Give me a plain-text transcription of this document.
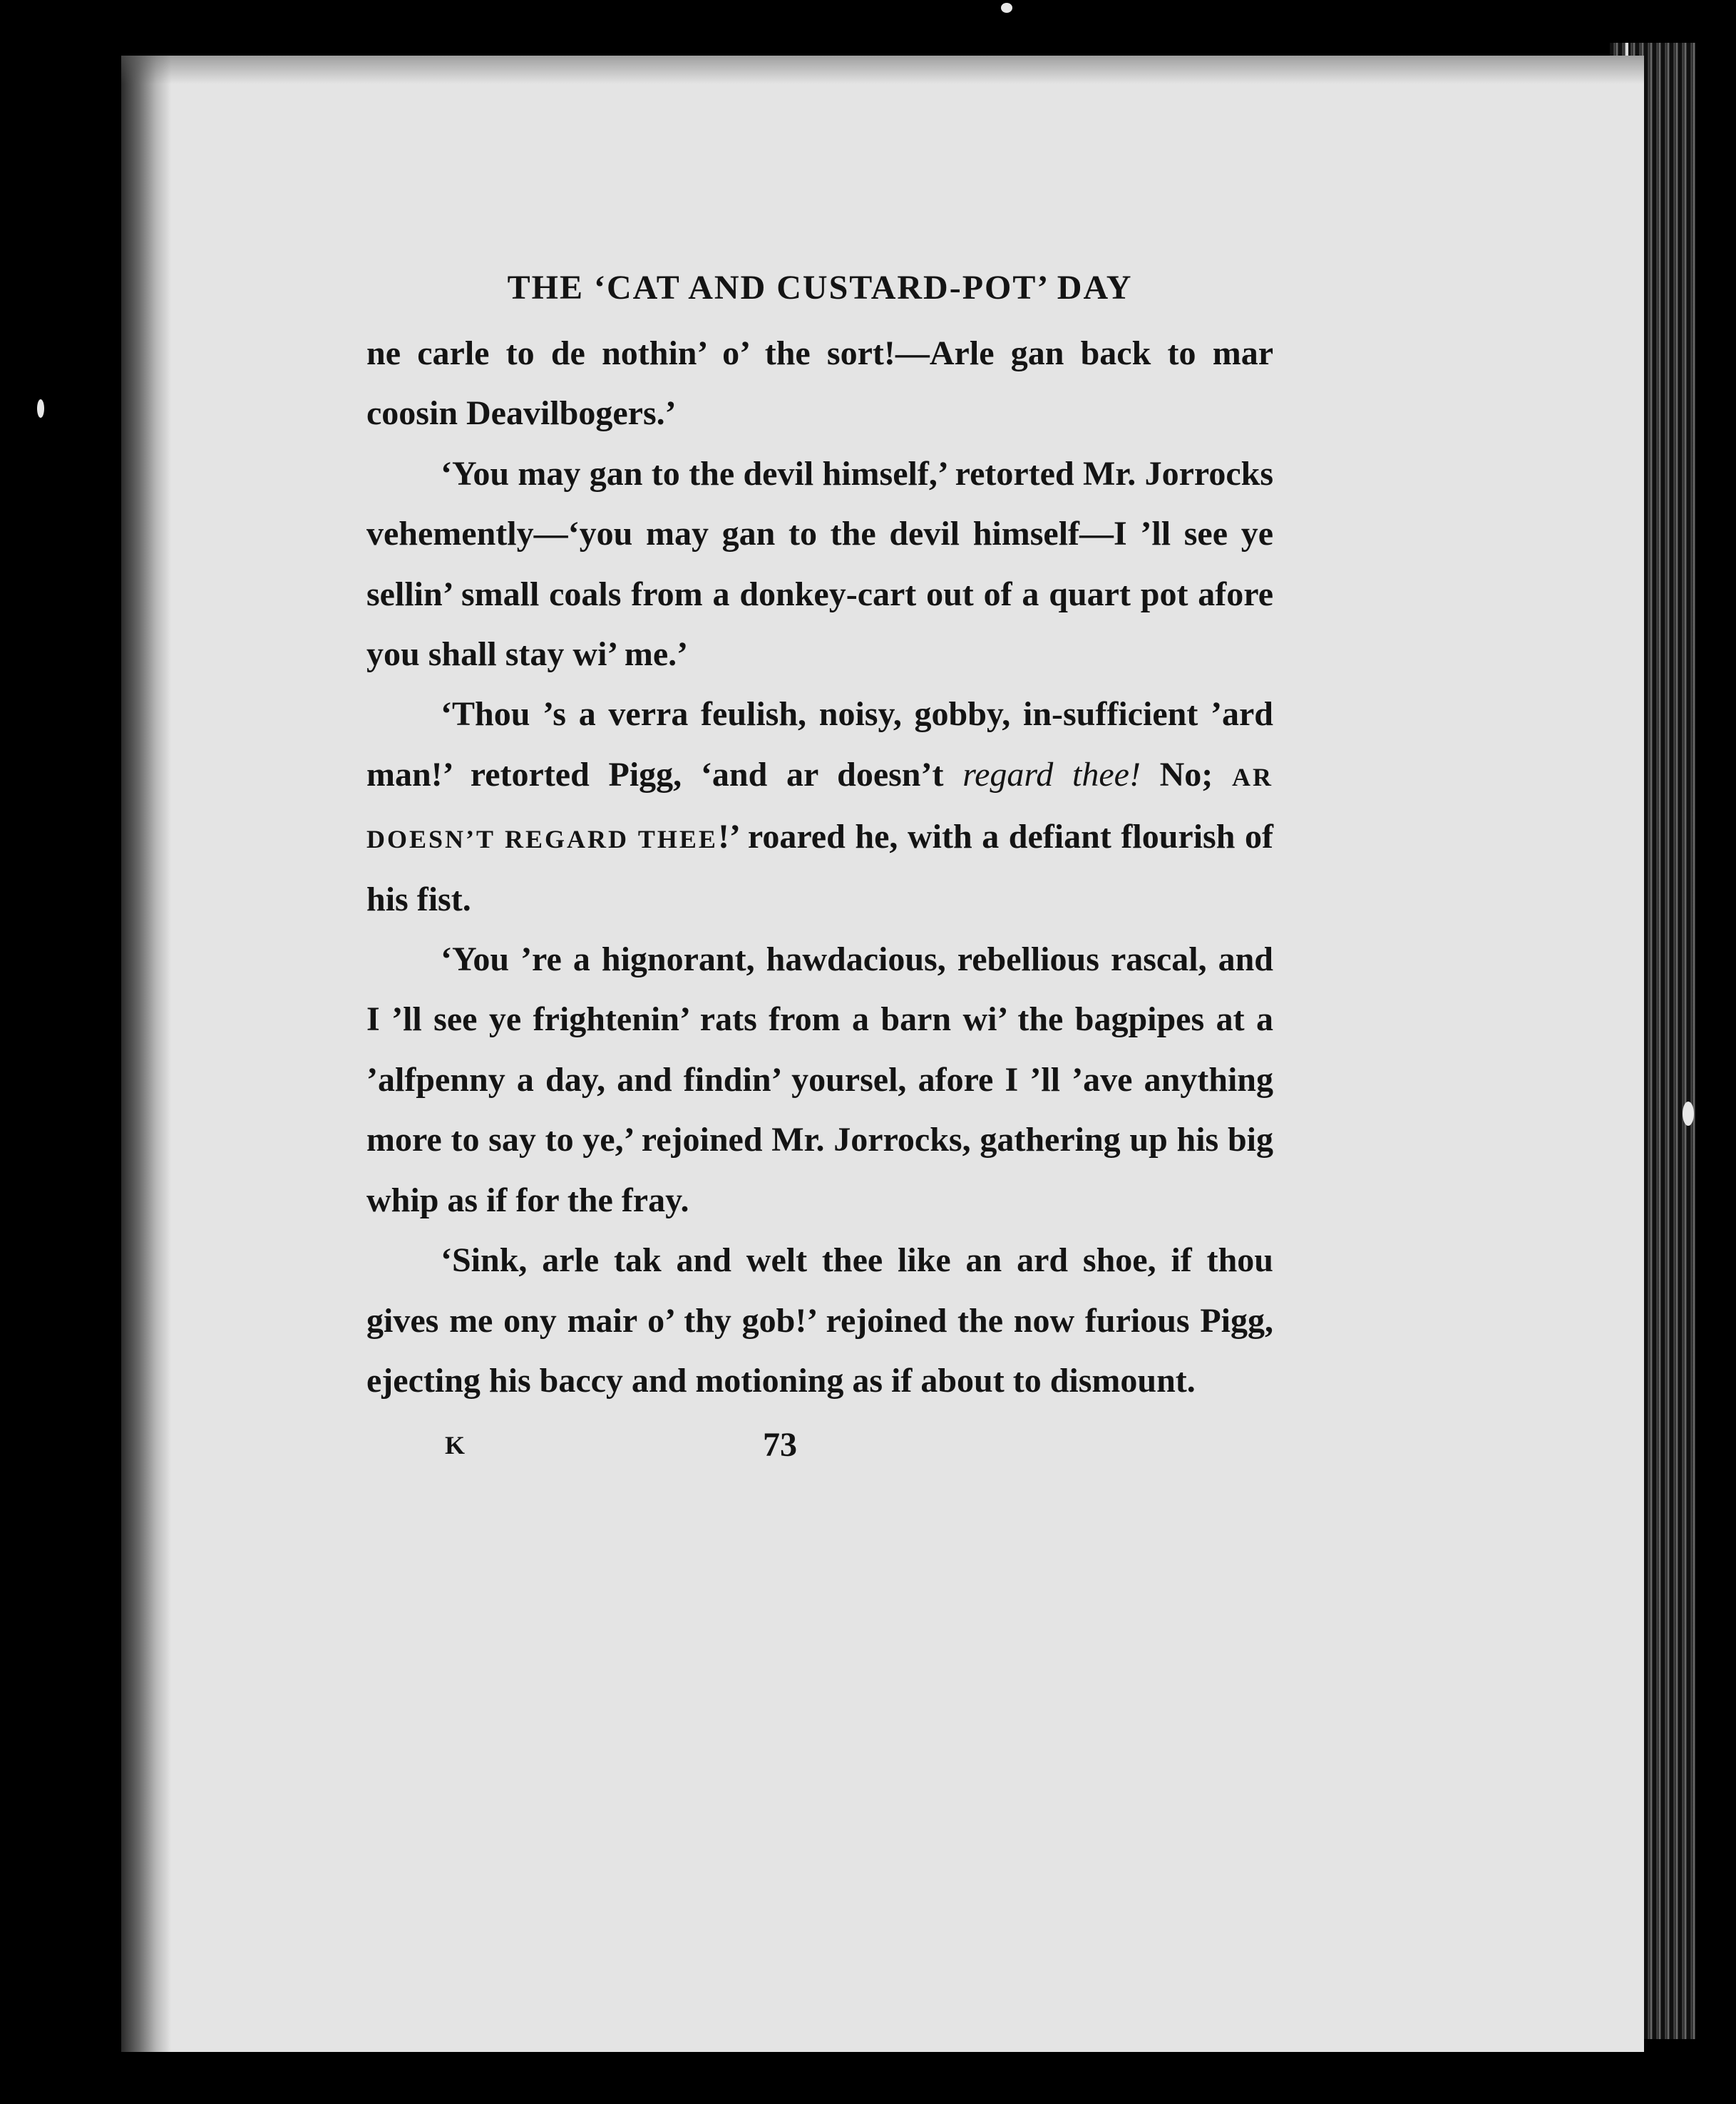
THE ‘CAT AND CUSTARD-POT’ DAY

ne carle to de nothin’ o’ the sort!—Arle gan back to mar coosin Deavilbogers.’

‘You may gan to the devil himself,’ retorted Mr. Jorrocks vehemently—‘you may gan to the devil himself—I ’ll see ye sellin’ small coals from a donkey-cart out of a quart pot afore you shall stay wi’ me.’

‘Thou ’s a verra feulish, noisy, gobby, in-sufficient ’ard man!’ retorted Pigg, ‘and ar doesn’t regard thee! No; AR DOESN’T REGARD THEE!’ roared he, with a defiant flourish of his fist.

‘You ’re a hignorant, hawdacious, rebellious rascal, and I ’ll see ye frightenin’ rats from a barn wi’ the bagpipes at a ’alfpenny a day, and findin’ yoursel, afore I ’ll ’ave anything more to say to ye,’ rejoined Mr. Jorrocks, gathering up his big whip as if for the fray.

‘Sink, arle tak and welt thee like an ard shoe, if thou gives me ony mair o’ thy gob!’ rejoined the now furious Pigg, ejecting his baccy and motioning as if about to dismount.

K	73
